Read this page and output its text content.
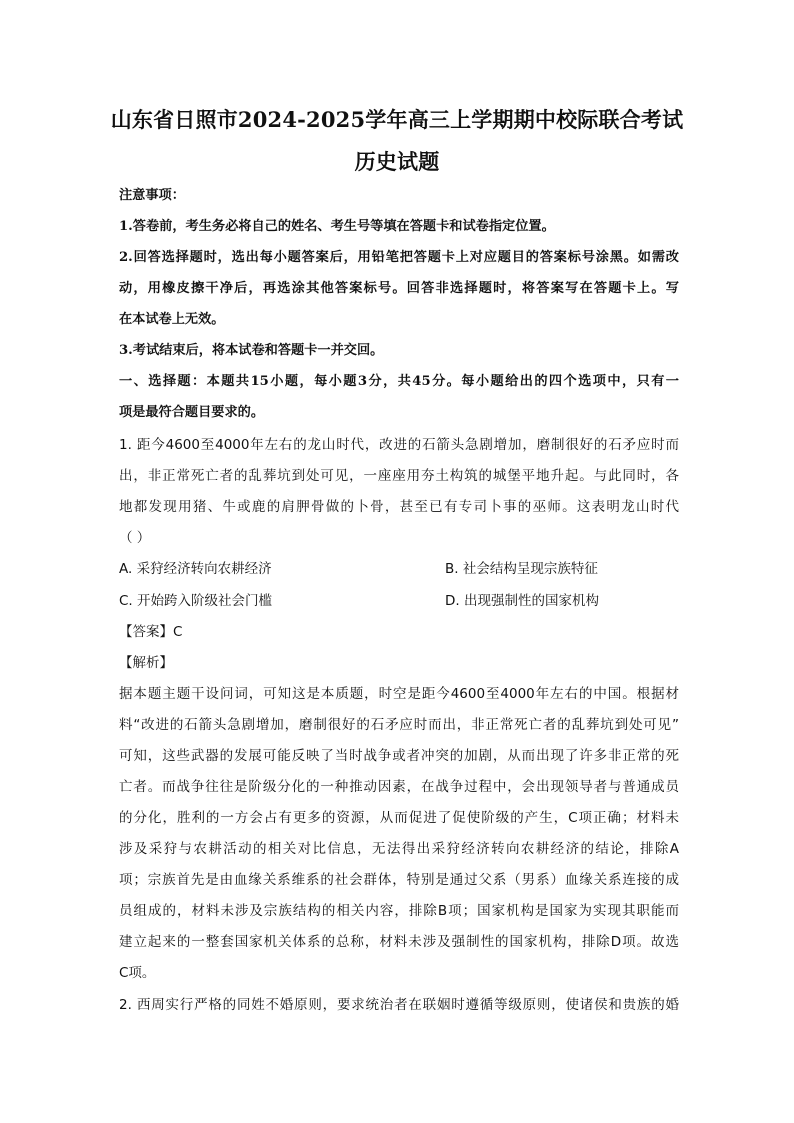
山东省日照市2024-2025学年高三上学期期中校际联合考试
历史试题
注意事项：
1.答卷前，考生务必将自己的姓名、考生号等填在答题卡和试卷指定位置。
2.回答选择题时，选出每小题答案后，用铅笔把答题卡上对应题目的答案标号涂黑。如需改
动，用橡皮擦干净后，再选涂其他答案标号。回答非选择题时，将答案写在答题卡上。写
在本试卷上无效。
3.考试结束后，将本试卷和答题卡一并交回。
一、选择题：本题共15小题，每小题3分，共45分。每小题给出的四个选项中，只有一
项是最符合题目要求的。
1. 距今4600至4000年左右的龙山时代，改进的石箭头急剧增加，磨制很好的石矛应时而
出，非正常死亡者的乱葬坑到处可见，一座座用夯土构筑的城堡平地升起。与此同时，各
地都发现用猪、牛或鹿的肩胛骨做的卜骨，甚至已有专司卜事的巫师。这表明龙山时代
（ ）
A. 采狩经济转向农耕经济	B. 社会结构呈现宗族特征
C. 开始跨入阶级社会门槛	D. 出现强制性的国家机构
【答案】C
【解析】
据本题主题干设问词，可知这是本质题，时空是距今4600至4000年左右的中国。根据材
料“改进的石箭头急剧增加，磨制很好的石矛应时而出，非正常死亡者的乱葬坑到处可见”
可知，这些武器的发展可能反映了当时战争或者冲突的加剧，从而出现了许多非正常的死
亡者。而战争往往是阶级分化的一种推动因素，在战争过程中，会出现领导者与普通成员
的分化，胜利的一方会占有更多的资源，从而促进了促使阶级的产生，C项正确；材料未
涉及采狩与农耕活动的相关对比信息，无法得出采狩经济转向农耕经济的结论，排除A
项；宗族首先是由血缘关系维系的社会群体，特别是通过父系（男系）血缘关系连接的成
员组成的，材料未涉及宗族结构的相关内容，排除B项；国家机构是国家为实现其职能而
建立起来的一整套国家机关体系的总称，材料未涉及强制性的国家机构，排除D项。故选
C项。
2. 西周实行严格的同姓不婚原则，要求统治者在联姻时遵循等级原则，使诸侯和贵族的婚
